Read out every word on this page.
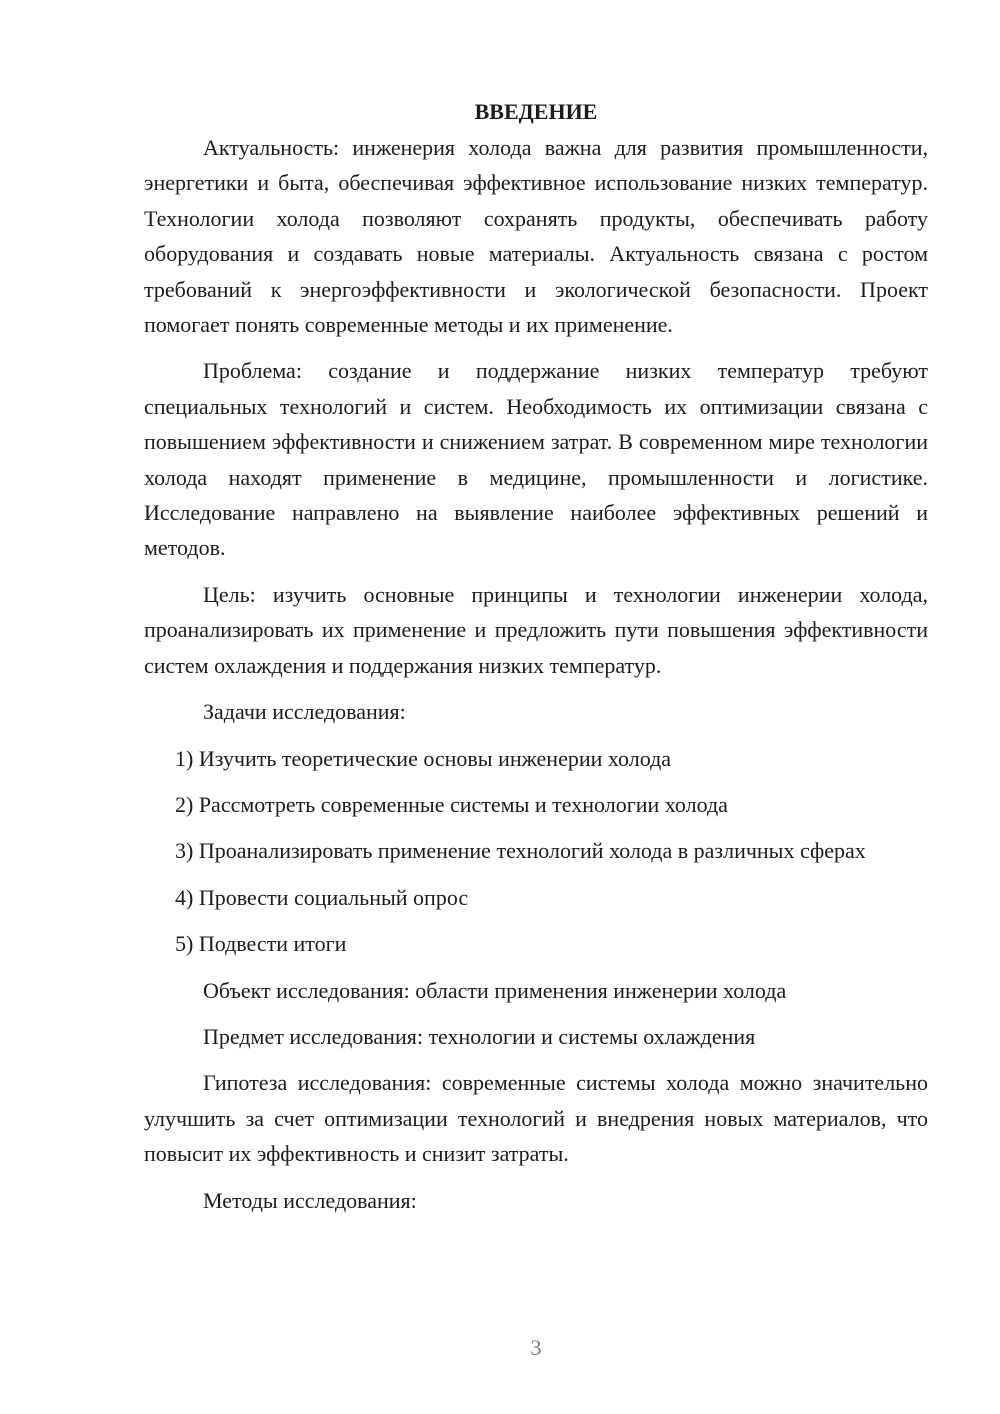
ВВЕДЕНИЕ

Актуальность: инженерия холода важна для развития промышленности, энергетики и быта, обеспечивая эффективное использование низких температур. Технологии холода позволяют сохранять продукты, обеспечивать работу оборудования и создавать новые материалы. Актуальность связана с ростом требований к энергоэффективности и экологической безопасности. Проект помогает понять современные методы и их применение.

Проблема: создание и поддержание низких температур требуют специальных технологий и систем. Необходимость их оптимизации связана с повышением эффективности и снижением затрат. В современном мире технологии холода находят применение в медицине, промышленности и логистике. Исследование направлено на выявление наиболее эффективных решений и методов.

Цель: изучить основные принципы и технологии инженерии холода, проанализировать их применение и предложить пути повышения эффективности систем охлаждения и поддержания низких температур.

Задачи исследования:

1) Изучить теоретические основы инженерии холода

2) Рассмотреть современные системы и технологии холода

3) Проанализировать применение технологий холода в различных сферах

4) Провести социальный опрос

5) Подвести итоги

Объект исследования: области применения инженерии холода

Предмет исследования: технологии и системы охлаждения

Гипотеза исследования: современные системы холода можно значительно улучшить за счет оптимизации технологий и внедрения новых материалов, что повысит их эффективность и снизит затраты.

Методы исследования:

3
